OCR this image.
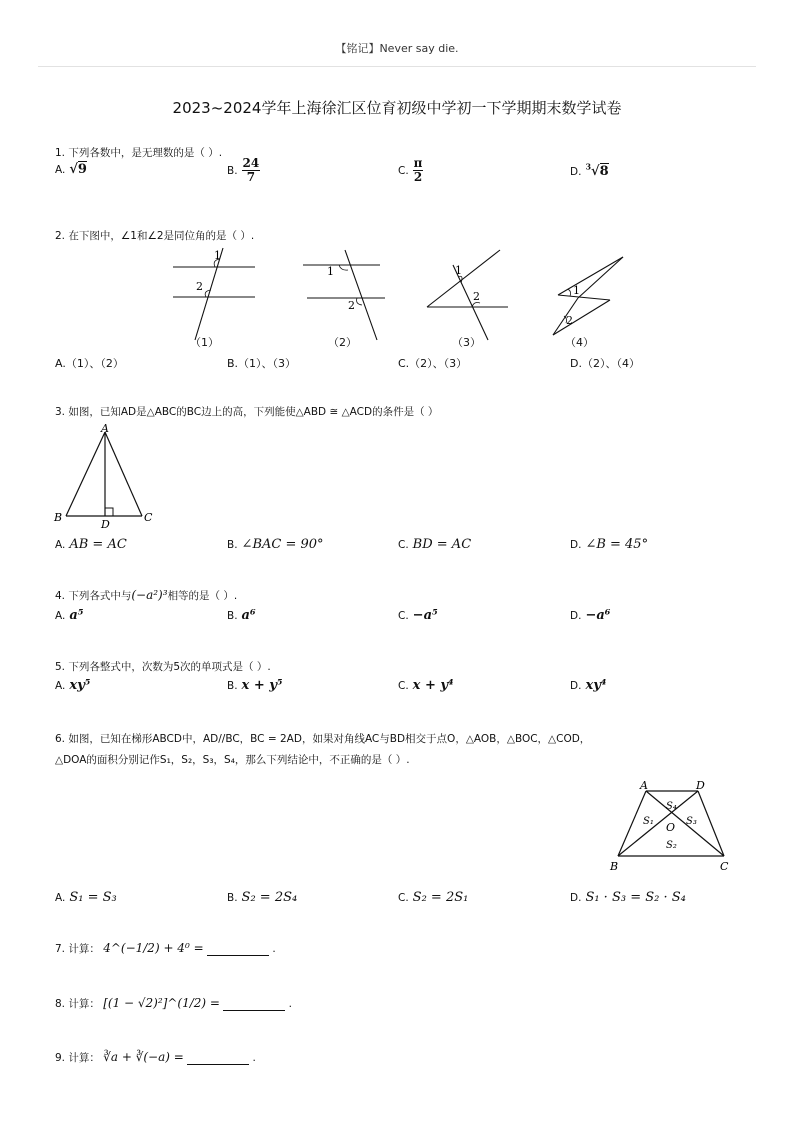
【铭记】Never say die.
2023~2024学年上海徐汇区位育初级中学初一下学期期末数学试卷
1. 下列各数中，是无理数的是（ ）.
A. √9	B. $\frac{24}{7}$	C. $\frac{\pi}{2}$	D. $^3$√8
2. 在下图中，∠1和∠2是同位角的是（ ）.
1
2
（1）
1
2
（2）
1
2
（3）
1
2
（4）
A.（1）、（2）	B.（1）、（3）	C.（2）、（3）	D.（2）、（4）
3. 如图，已知AD是△ABC的BC边上的高，下列能使△ABD ≅ △ACD的条件是（ ）
A
B	C
D
A. AB = AC	B. ∠BAC = 90°	C. BD = AC	D. ∠B = 45°
4. 下列各式中与(−a²)³相等的是（ ）.
A. a⁵	B. a⁶	C. −a⁵	D. −a⁶
5. 下列各整式中，次数为5次的单项式是（ ）.
A. xy⁵	B. x + y⁵	C. x + y⁴	D. xy⁴
6. 如图，已知在梯形ABCD中，AD//BC，BC = 2AD，如果对角线AC与BD相交于点O，△AOB，△BOC，△COD，
△DOA的面积分别记作S₁，S₂，S₃，S₄，那么下列结论中，不正确的是（ ）.
A	D
B	C
O
S₄
S₁	S₃
S₂
A. S₁ = S₃	B. S₂ = 2S₄	C. S₂ = 2S₁	D. S₁ · S₃ = S₂ · S₄
7. 计算： 4^(−1/2) + 4⁰ =	.
8. 计算： [(1 − √2)²]^(1/2) =	.
9. 计算： ∛a + ∛(−a) =	.
